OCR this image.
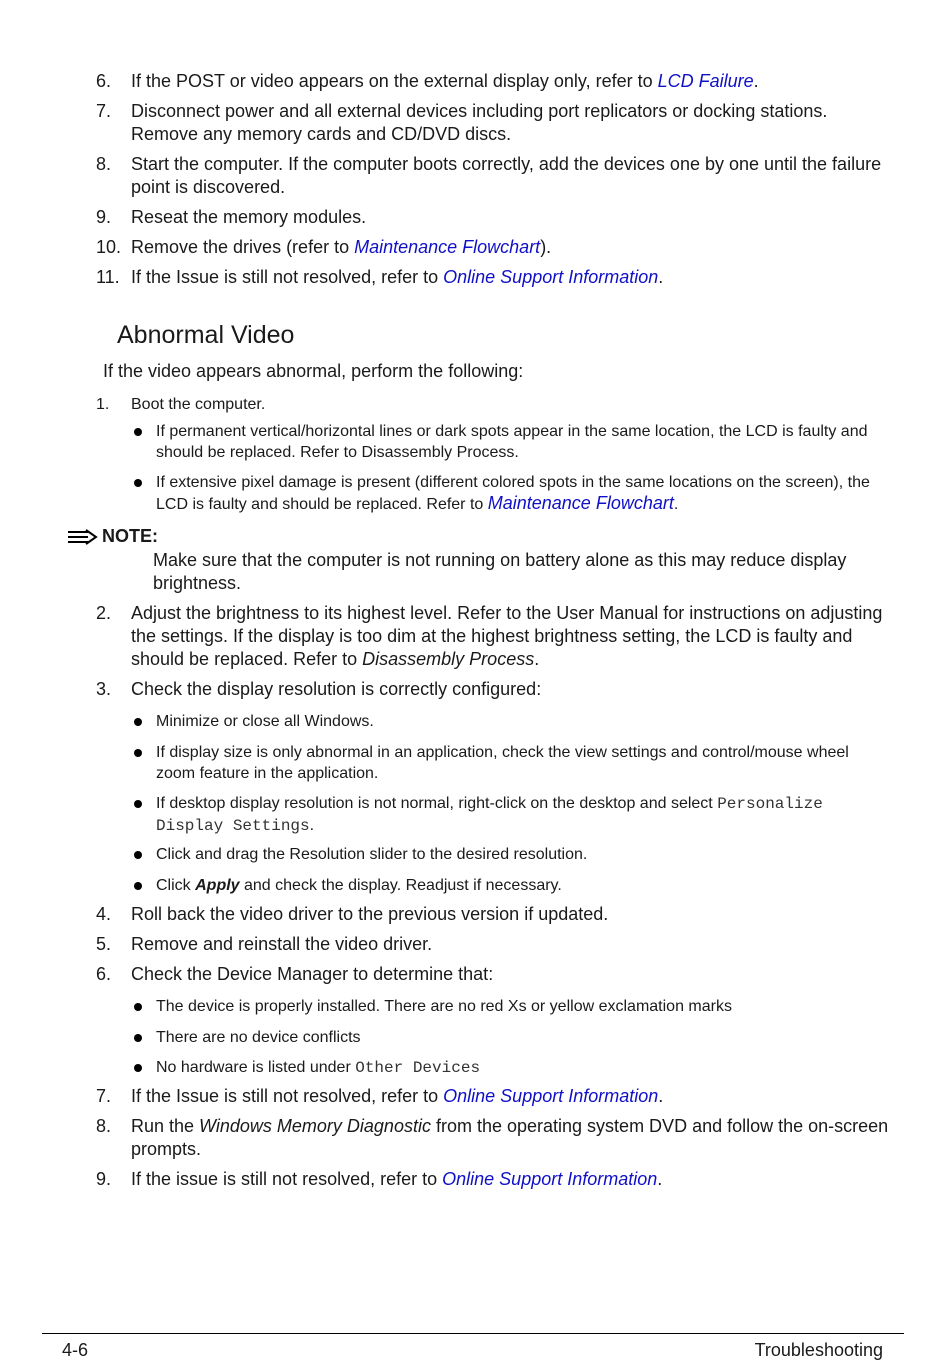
6. If the POST or video appears on the external display only, refer to LCD Failure.
7. Disconnect power and all external devices including port replicators or docking stations. Remove any memory cards and CD/DVD discs.
8. Start the computer. If the computer boots correctly, add the devices one by one until the failure point is discovered.
9. Reseat the memory modules.
10. Remove the drives (refer to Maintenance Flowchart).
11. If the Issue is still not resolved, refer to Online Support Information.
Abnormal Video
If the video appears abnormal, perform the following:
1. Boot the computer.
If permanent vertical/horizontal lines or dark spots appear in the same location, the LCD is faulty and should be replaced. Refer to Disassembly Process.
If extensive pixel damage is present (different colored spots in the same locations on the screen), the LCD is faulty and should be replaced. Refer to Maintenance Flowchart.
NOTE:
Make sure that the computer is not running on battery alone as this may reduce display brightness.
2. Adjust the brightness to its highest level. Refer to the User Manual for instructions on adjusting the settings. If the display is too dim at the highest brightness setting, the LCD is faulty and should be replaced. Refer to Disassembly Process.
3. Check the display resolution is correctly configured:
Minimize or close all Windows.
If display size is only abnormal in an application, check the view settings and control/mouse wheel zoom feature in the application.
If desktop display resolution is not normal, right-click on the desktop and select Personalize Display Settings.
Click and drag the Resolution slider to the desired resolution.
Click Apply and check the display. Readjust if necessary.
4. Roll back the video driver to the previous version if updated.
5. Remove and reinstall the video driver.
6. Check the Device Manager to determine that:
The device is properly installed. There are no red Xs or yellow exclamation marks
There are no device conflicts
No hardware is listed under Other Devices
7. If the Issue is still not resolved, refer to Online Support Information.
8. Run the Windows Memory Diagnostic from the operating system DVD and follow the on-screen prompts.
9. If the issue is still not resolved, refer to Online Support Information.
4-6	Troubleshooting
